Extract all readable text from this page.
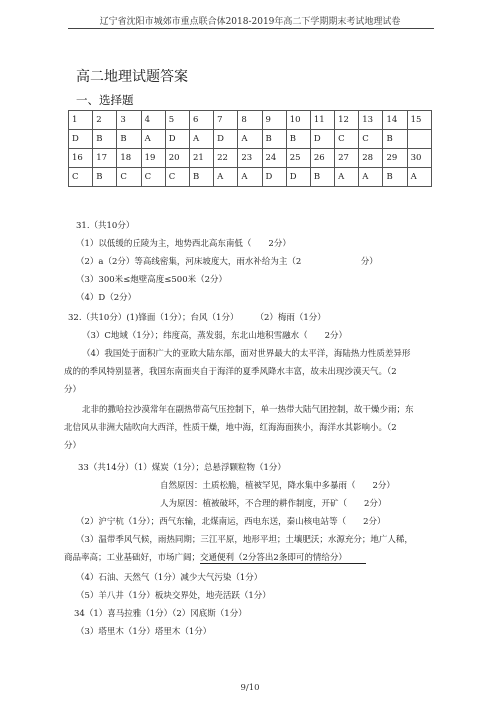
辽宁省沈阳市城郊市重点联合体2018-2019年高二下学期期末考试地理试卷
高二地理试题答案
一、选择题
1	2	3	4	5	6	7	8	9	10	11	12	13	14	15
D	B	B	A	D	A	D	A	B	B	D	C	C	B	
16	17	18	19	20	21	22	23	24	25	26	27	28	29	30
C	B	C	C	C	B	A	A	D	D	B	A	A	B	A
31.（共10分）
（1）以低缓的丘陵为主，地势西北高东南低（　　2分）
（2）a（2分）等高线密集，河床坡度大，雨水补给为主（2　　　　　　　分）
（3）300米≤炮壁高度≤500米（2分）
（4）D（2分）
32.（共10分）(1)锋面（1分）；台风（1分）　　　（2）梅雨（1分）
（3）C地域（1分）；纬度高，蒸发弱，东北山地积雪融水（　　2分）
（4）我国处于面积广大的亚欧大陆东部，面对世界最大的太平洋，海陆热力性质差异形
成的的季风特别显著，我国东南面夹自于海洋的夏季风降水丰富，故未出现沙漠天气。（2
分）
北非的撒哈拉沙漠常年在副热带高气压控制下，单一热带大陆气团控制，故干燥少雨；东
北信风从非洲大陆吹向大西洋，性质干燥，地中海，红海海面狭小，海洋水其影响小。（2
分）
33（共14分）（1）煤炭（1分）；总悬浮颗粒物（1分）
自然原因：土质松脆，植被罕见，降水集中多暴雨（　　2分）
人为原因：植被破坏，不合理的耕作制度，开矿（　　2分）
（2）沪宁杭（1分）；西气东输，北煤南运，西电东送，秦山核电站等（　　2分）
（3）温带季风气候，雨热同期；三江平原，地形平坦；土壤肥沃；水源充分；地广人稀，
商品率高；工业基础好，市场广阔；交通便利（2分答出2条即可的情给分）
（4）石油、天然气（1分）减少大气污染（1分）
（5）羊八井（1分）板块交界处，地壳活跃（1分）
34（1）喜马拉雅（1分）（2）冈底斯（1分）
（3）塔里木（1分）塔里木（1分）
9/10
